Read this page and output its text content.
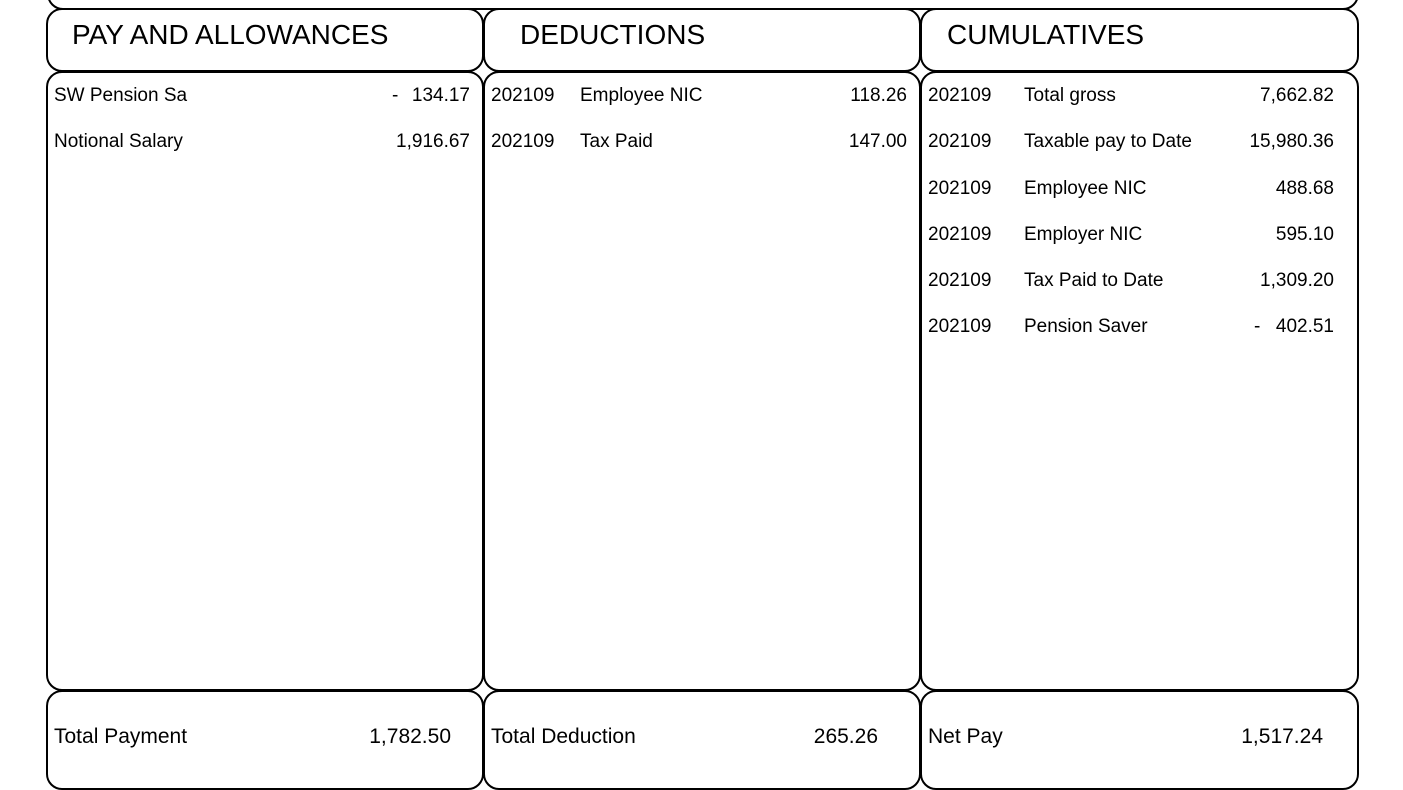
PAY AND ALLOWANCES	DEDUCTIONS	CUMULATIVES
SW Pension Sa	- 134.17
Notional Salary	1,916.67
202109 Employee NIC	118.26
202109 Tax Paid	147.00
202109 Total gross	7,662.82
202109 Taxable pay to Date	15,980.36
202109 Employee NIC	488.68
202109 Employer NIC	595.10
202109 Tax Paid to Date	1,309.20
202109 Pension Saver	- 402.51
Total Payment	1,782.50 Total Deduction	265.26 Net Pay	1,517.24
